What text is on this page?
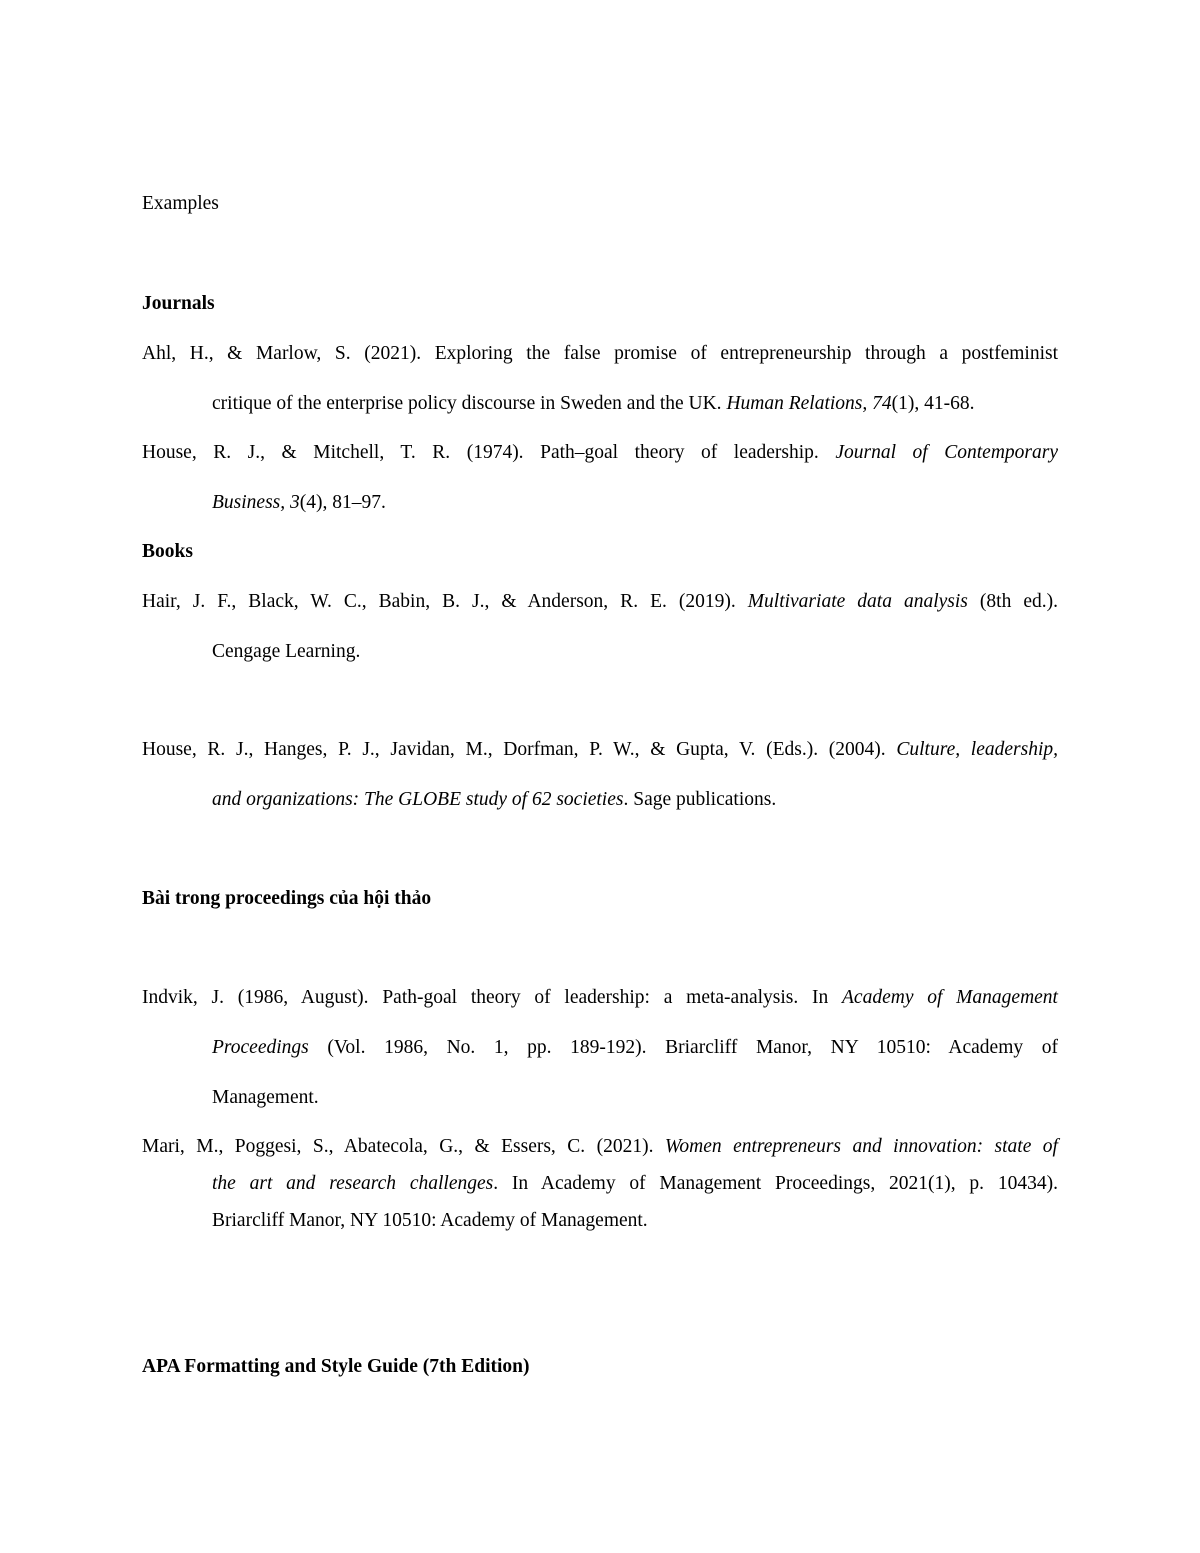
Examples
Journals
Ahl, H., & Marlow, S. (2021). Exploring the false promise of entrepreneurship through a postfeminist
critique of the enterprise policy discourse in Sweden and the UK. Human Relations, 74(1), 41-68.
House, R. J., & Mitchell, T. R. (1974). Path–goal theory of leadership. Journal of Contemporary
Business, 3(4), 81–97.
Books
Hair, J. F., Black, W. C., Babin, B. J., & Anderson, R. E. (2019). Multivariate data analysis (8th ed.).
Cengage Learning.
House, R. J., Hanges, P. J., Javidan, M., Dorfman, P. W., & Gupta, V. (Eds.). (2004). Culture, leadership,
and organizations: The GLOBE study of 62 societies. Sage publications.
Bài trong proceedings của hội thảo
Indvik, J. (1986, August). Path-goal theory of leadership: a meta-analysis. In Academy of Management
Proceedings (Vol. 1986, No. 1, pp. 189-192). Briarcliff Manor, NY 10510: Academy of
Management.
Mari, M., Poggesi, S., Abatecola, G., & Essers, C. (2021). Women entrepreneurs and innovation: state of
the art and research challenges. In Academy of Management Proceedings, 2021(1), p. 10434).
Briarcliff Manor, NY 10510: Academy of Management.
APA Formatting and Style Guide (7th Edition)
